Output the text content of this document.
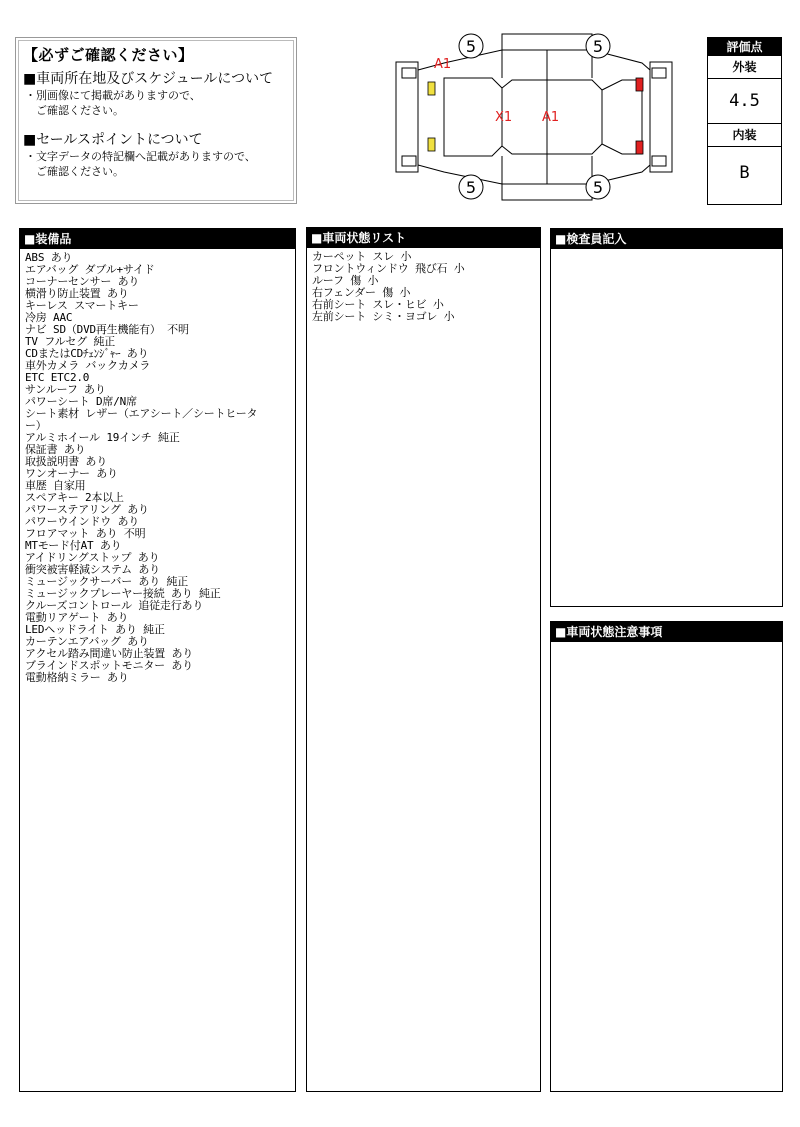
【必ずご確認ください】
■車両所在地及びスケジュールについて
・別画像にて掲載がありますので、
　ご確認ください。
■セールスポイントについて
・文字データの特記欄へ記載がありますので、
　ご確認ください。
5	5
5	5
A1
X1 A1
評価点
外装
4.5
内装
B
■装備品
ABS あり
エアバッグ ダブル+サイド
コーナーセンサー あり
横滑り防止装置 あり
キーレス スマートキー
冷房 AAC
ナビ SD（DVD再生機能有） 不明
TV フルセグ 純正
CDまたはCDﾁｪﾝｼﾞｬｰ あり
車外カメラ バックカメラ
ETC ETC2.0
サンルーフ あり
パワーシート D席/N席
シート素材 レザー（エアシート／シートヒータ
ー）
アルミホイール 19インチ 純正
保証書 あり
取扱説明書 あり
ワンオーナー あり
車歴 自家用
スペアキー 2本以上
パワーステアリング あり
パワーウインドウ あり
フロアマット あり 不明
MTモード付AT あり
アイドリングストップ あり
衝突被害軽減システム あり
ミュージックサーバー あり 純正
ミュージックプレーヤー接続 あり 純正
クルーズコントロール 追従走行あり
電動リアゲート あり
LEDヘッドライト あり 純正
カーテンエアバッグ あり
アクセル踏み間違い防止装置 あり
ブラインドスポットモニター あり
電動格納ミラー あり
■車両状態リスト
カーペット スレ 小
フロントウィンドウ 飛び石 小
ルーフ 傷 小
右フェンダー 傷 小
右前シート スレ・ヒビ 小
左前シート シミ・ヨゴレ 小
■検査員記入
■車両状態注意事項
